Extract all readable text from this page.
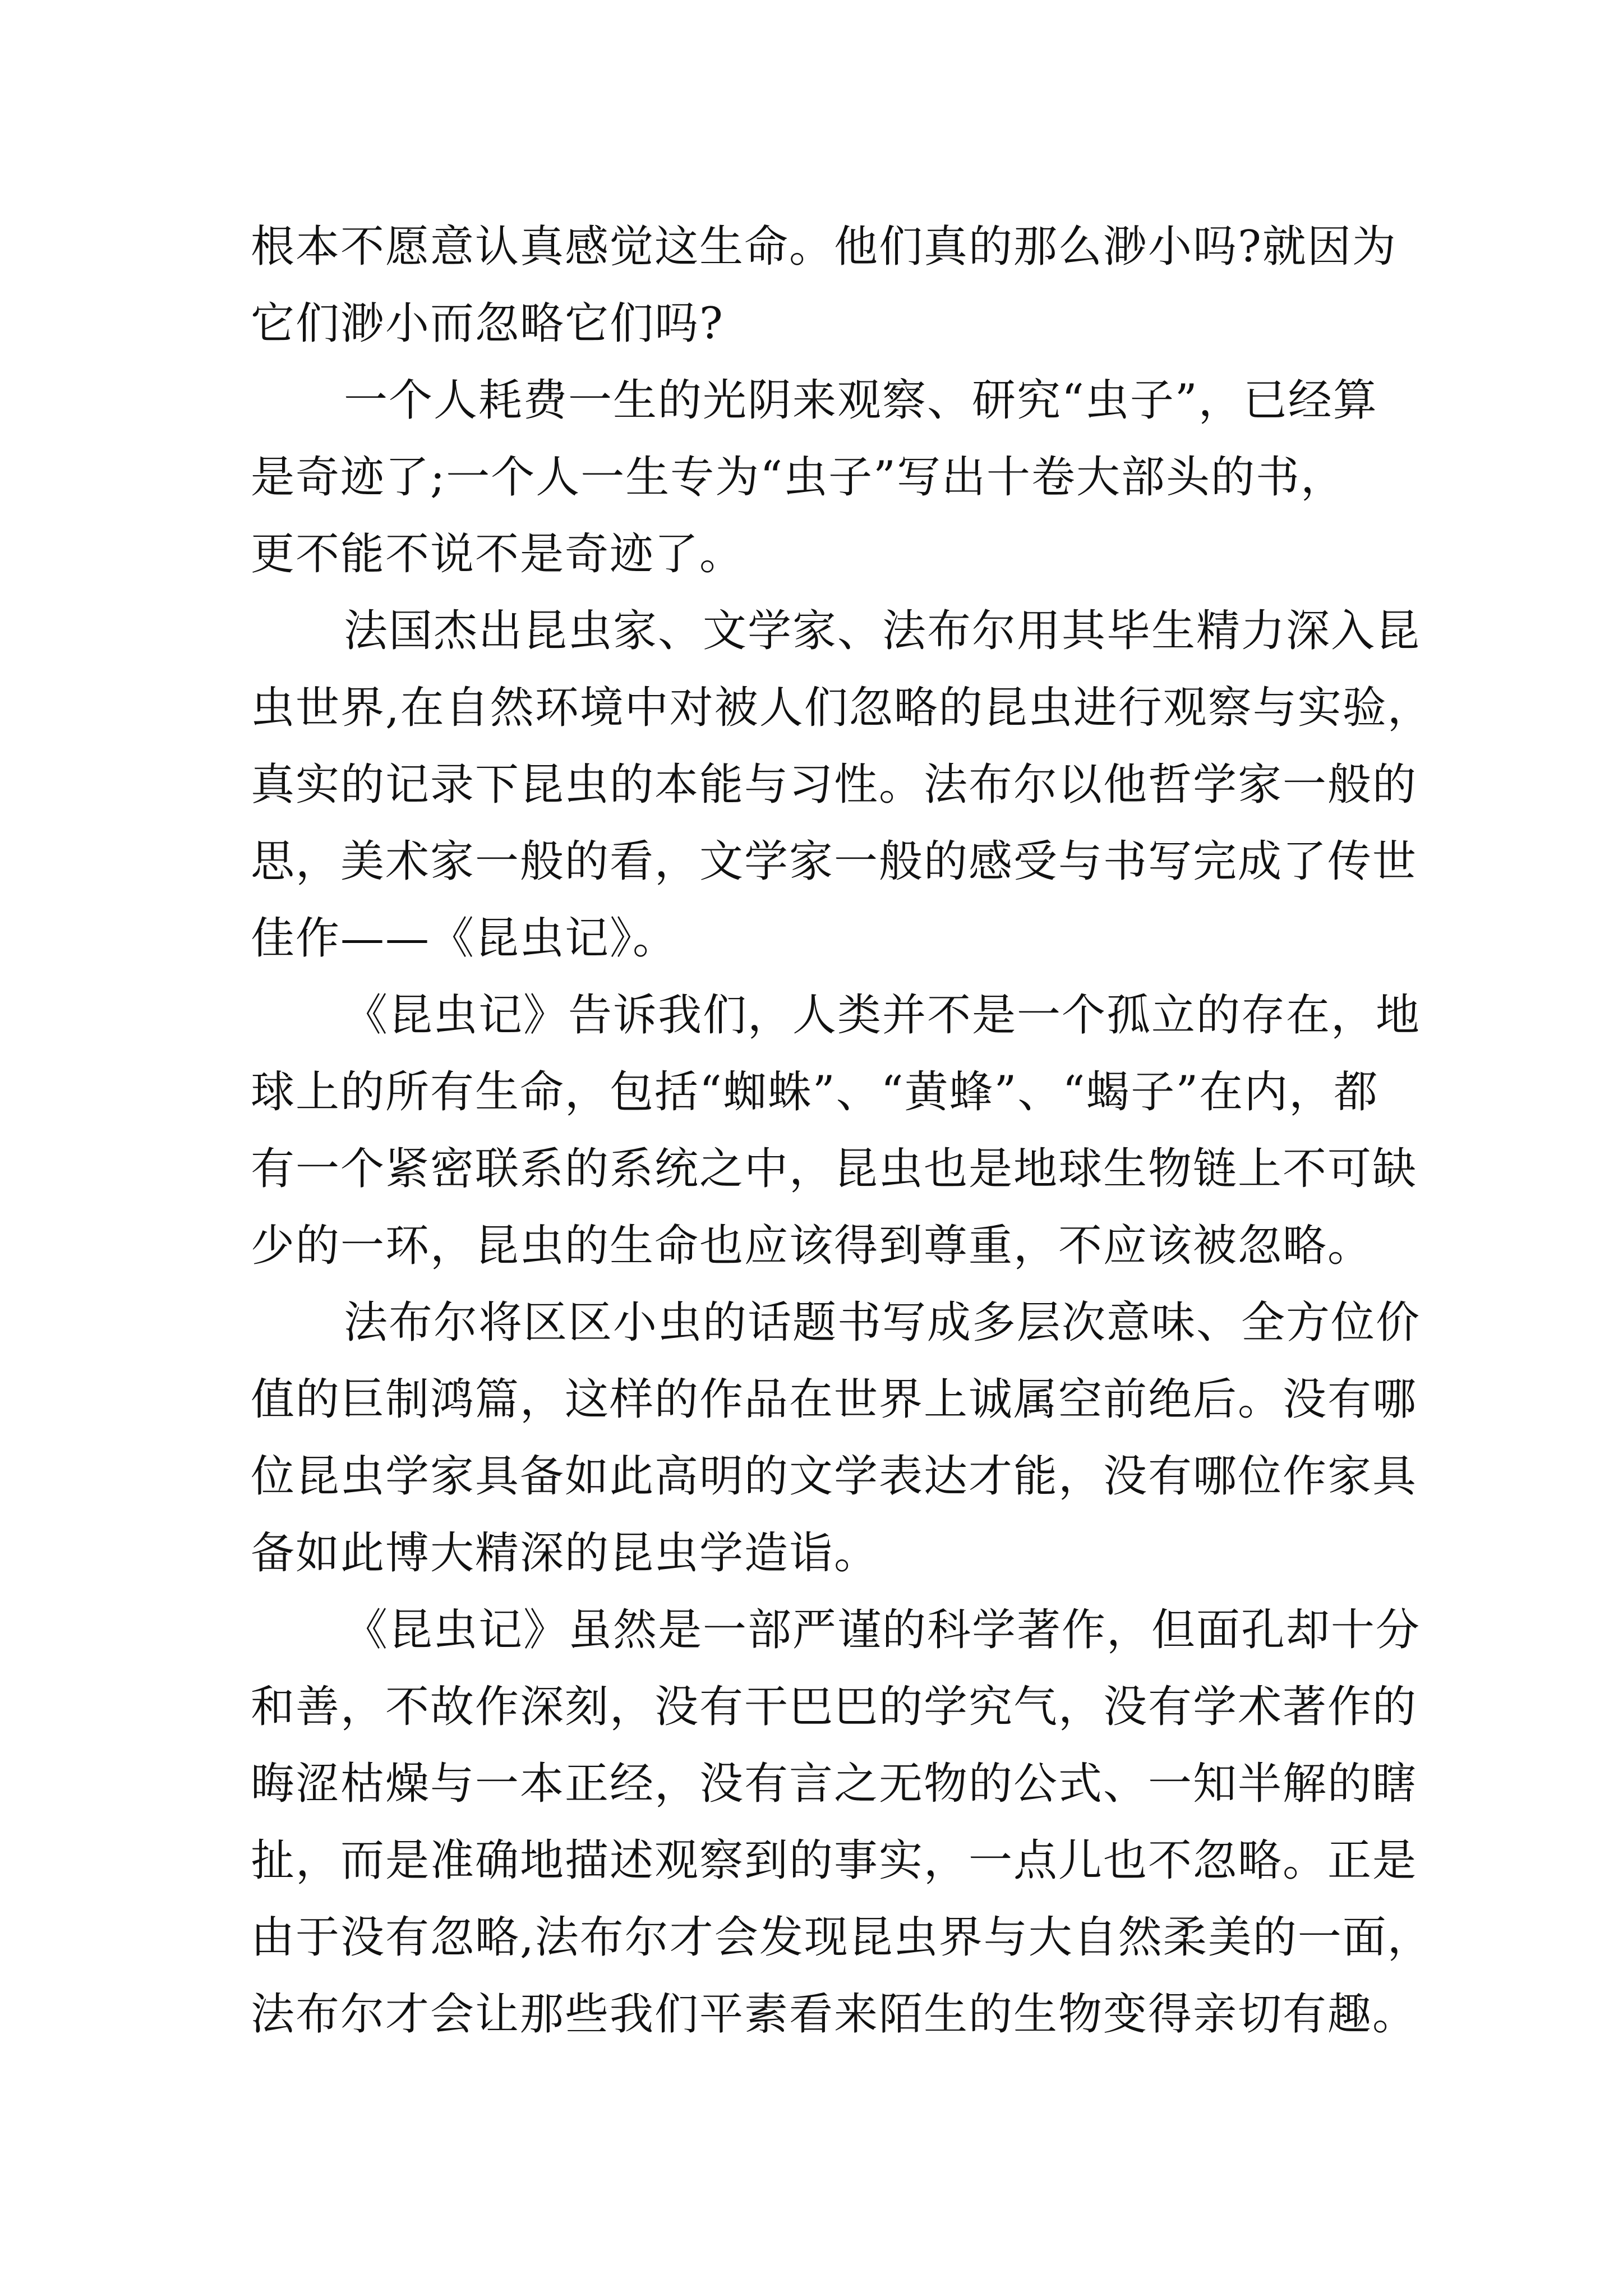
根本不愿意认真感觉这生命。他们真的那么渺小吗?就因为
它们渺小而忽略它们吗?
一个人耗费一生的光阴来观察、研究“虫子”，已经算
是奇迹了;一个人一生专为“虫子”写出十卷大部头的书，
更不能不说不是奇迹了。
法国杰出昆虫家、文学家、法布尔用其毕生精力深入昆
虫世界,在自然环境中对被人们忽略的昆虫进行观察与实验，
真实的记录下昆虫的本能与习性。法布尔以他哲学家一般的
思，美术家一般的看，文学家一般的感受与书写完成了传世
佳作——《昆虫记》。
《昆虫记》告诉我们，人类并不是一个孤立的存在，地
球上的所有生命，包括“蜘蛛”、“黄蜂”、“蝎子”在内，都
有一个紧密联系的系统之中，昆虫也是地球生物链上不可缺
少的一环，昆虫的生命也应该得到尊重，不应该被忽略。
法布尔将区区小虫的话题书写成多层次意味、全方位价
值的巨制鸿篇，这样的作品在世界上诚属空前绝后。没有哪
位昆虫学家具备如此高明的文学表达才能，没有哪位作家具
备如此博大精深的昆虫学造诣。
《昆虫记》虽然是一部严谨的科学著作，但面孔却十分
和善，不故作深刻，没有干巴巴的学究气，没有学术著作的
晦涩枯燥与一本正经，没有言之无物的公式、一知半解的瞎
扯，而是准确地描述观察到的事实，一点儿也不忽略。正是
由于没有忽略,法布尔才会发现昆虫界与大自然柔美的一面，
法布尔才会让那些我们平素看来陌生的生物变得亲切有趣。
